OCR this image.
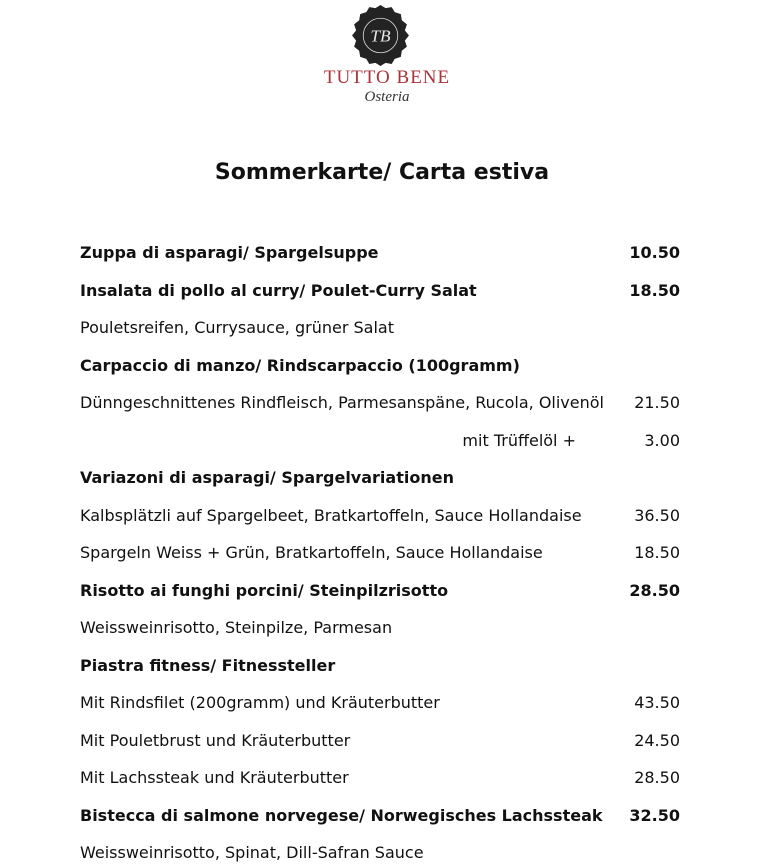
TB
TUTTO BENE
Osteria
Sommerkarte/ Carta estiva
Zuppa di asparagi/ Spargelsuppe	10.50
Insalata di pollo al curry/ Poulet-Curry Salat	18.50
Pouletsreifen, Currysauce, grüner Salat
Carpaccio di manzo/ Rindscarpaccio (100gramm)
Dünngeschnittenes Rindfleisch, Parmesanspäne, Rucola, Olivenöl 21.50
mit Trüffelöl +	3.00
Variazoni di asparagi/ Spargelvariationen
Kalbsplätzli auf Spargelbeet, Bratkartoffeln, Sauce Hollandaise	36.50
Spargeln Weiss + Grün, Bratkartoffeln, Sauce Hollandaise	18.50
Risotto ai funghi porcini/ Steinpilzrisotto	28.50
Weissweinrisotto, Steinpilze, Parmesan
Piastra fitness/ Fitnessteller
Mit Rindsfilet (200gramm) und Kräuterbutter	43.50
Mit Pouletbrust und Kräuterbutter	24.50
Mit Lachssteak und Kräuterbutter	28.50
Bistecca di salmone norvegese/ Norwegisches Lachssteak 32.50
Weissweinrisotto, Spinat, Dill-Safran Sauce
